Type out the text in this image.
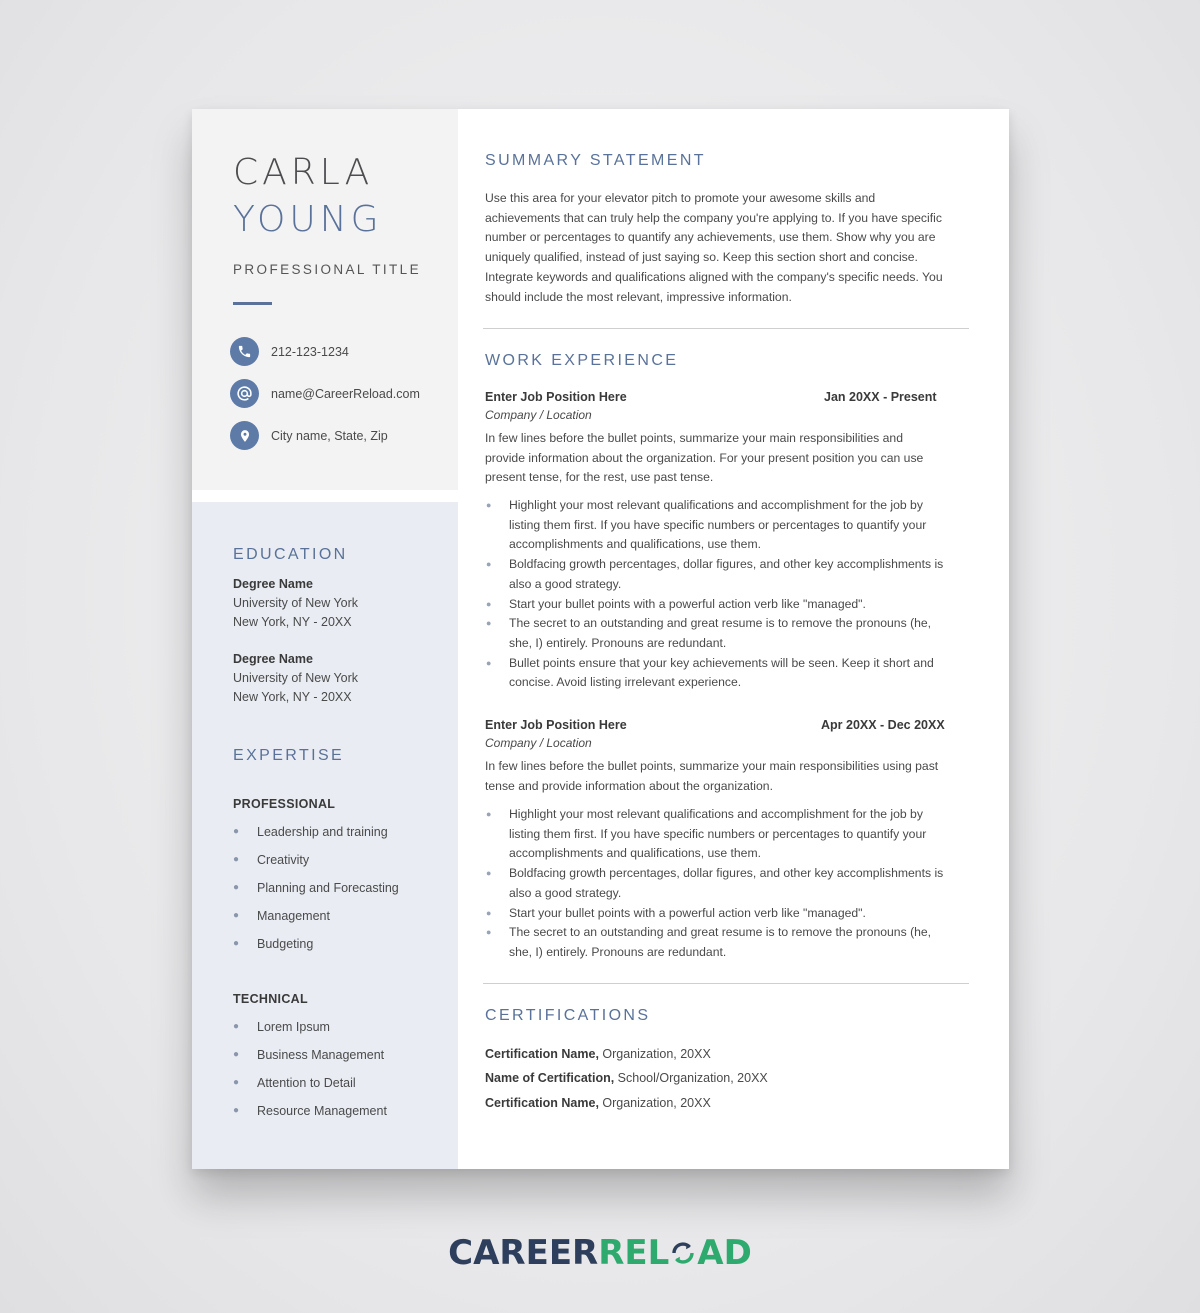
CARLA
YOUNG
PROFESSIONAL TITLE
212-123-1234
name@CareerReload.com
City name, State, Zip
EDUCATION
Degree Name
University of New York
New York, NY - 20XX
Degree Name
University of New York
New York, NY - 20XX
EXPERTISE
PROFESSIONAL
●	Leadership and training
●	Creativity
●	Planning and Forecasting
●	Management
●	Budgeting
TECHNICAL
●	Lorem Ipsum
●	Business Management
●	Attention to Detail
●	Resource Management
SUMMARY STATEMENT
Use this area for your elevator pitch to promote your awesome skills and
achievements that can truly help the company you're applying to. If you have specific
number or percentages to quantify any achievements, use them. Show why you are
uniquely qualified, instead of just saying so. Keep this section short and concise.
Integrate keywords and qualifications aligned with the company's specific needs. You
should include the most relevant, impressive information.
WORK EXPERIENCE
Enter Job Position Here	Jan 20XX - Present
Company / Location
In few lines before the bullet points, summarize your main responsibilities and
provide information about the organization. For your present position you can use
present tense, for the rest, use past tense.
●	Highlight your most relevant qualifications and accomplishment for the job by
listing them first. If you have specific numbers or percentages to quantify your
accomplishments and qualifications, use them.
●	Boldfacing growth percentages, dollar figures, and other key accomplishments is
also a good strategy.
●	Start your bullet points with a powerful action verb like "managed".
●	The secret to an outstanding and great resume is to remove the pronouns (he,
she, I) entirely. Pronouns are redundant.
●	Bullet points ensure that your key achievements will be seen. Keep it short and
concise. Avoid listing irrelevant experience.
Enter Job Position Here	Apr 20XX - Dec 20XX
Company / Location
In few lines before the bullet points, summarize your main responsibilities using past
tense and provide information about the organization.
●	Highlight your most relevant qualifications and accomplishment for the job by
listing them first. If you have specific numbers or percentages to quantify your
accomplishments and qualifications, use them.
●	Boldfacing growth percentages, dollar figures, and other key accomplishments is
also a good strategy.
●	Start your bullet points with a powerful action verb like "managed".
●	The secret to an outstanding and great resume is to remove the pronouns (he,
she, I) entirely. Pronouns are redundant.
CERTIFICATIONS
Certification Name, Organization, 20XX
Name of Certification, School/Organization, 20XX
Certification Name, Organization, 20XX
CAREERREL AD
